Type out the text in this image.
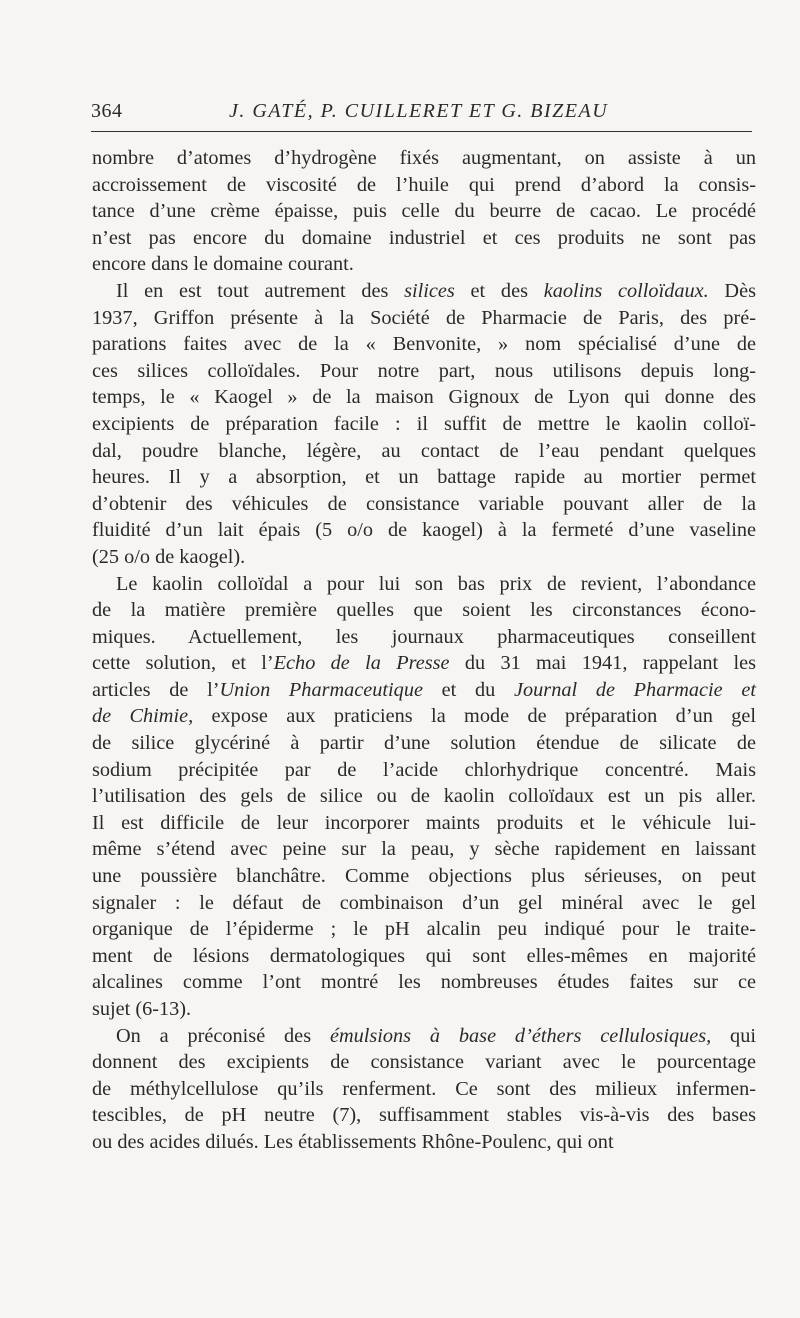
364	J. GATÉ, P. CUILLERET ET G. BIZEAU
nombre d’atomes d’hydrogène fixés augmentant, on assiste à un
accroissement de viscosité de l’huile qui prend d’abord la consis-
tance d’une crème épaisse, puis celle du beurre de cacao. Le procédé
n’est pas encore du domaine industriel et ces produits ne sont pas
encore dans le domaine courant.
Il en est tout autrement des silices et des kaolins colloïdaux. Dès
1937, Griffon présente à la Société de Pharmacie de Paris, des pré-
parations faites avec de la « Benvonite, » nom spécialisé d’une de
ces silices colloïdales. Pour notre part, nous utilisons depuis long-
temps, le « Kaogel » de la maison Gignoux de Lyon qui donne des
excipients de préparation facile : il suffit de mettre le kaolin colloï-
dal, poudre blanche, légère, au contact de l’eau pendant quelques
heures. Il y a absorption, et un battage rapide au mortier permet
d’obtenir des véhicules de consistance variable pouvant aller de la
fluidité d’un lait épais (5 o/o de kaogel) à la fermeté d’une vaseline
(25 o/o de kaogel).
Le kaolin colloïdal a pour lui son bas prix de revient, l’abondance
de la matière première quelles que soient les circonstances écono-
miques. Actuellement, les journaux pharmaceutiques conseillent
cette solution, et l’Echo de la Presse du 31 mai 1941, rappelant les
articles de l’Union Pharmaceutique et du Journal de Pharmacie et
de Chimie, expose aux praticiens la mode de préparation d’un gel
de silice glycériné à partir d’une solution étendue de silicate de
sodium précipitée par de l’acide chlorhydrique concentré. Mais
l’utilisation des gels de silice ou de kaolin colloïdaux est un pis aller.
Il est difficile de leur incorporer maints produits et le véhicule lui-
même s’étend avec peine sur la peau, y sèche rapidement en laissant
une poussière blanchâtre. Comme objections plus sérieuses, on peut
signaler : le défaut de combinaison d’un gel minéral avec le gel
organique de l’épiderme ; le pH alcalin peu indiqué pour le traite-
ment de lésions dermatologiques qui sont elles-mêmes en majorité
alcalines comme l’ont montré les nombreuses études faites sur ce
sujet (6-13).
On a préconisé des émulsions à base d’éthers cellulosiques, qui
donnent des excipients de consistance variant avec le pourcentage
de méthylcellulose qu’ils renferment. Ce sont des milieux infermen-
tescibles, de pH neutre (7), suffisamment stables vis-à-vis des bases
ou des acides dilués. Les établissements Rhône-Poulenc, qui ont
